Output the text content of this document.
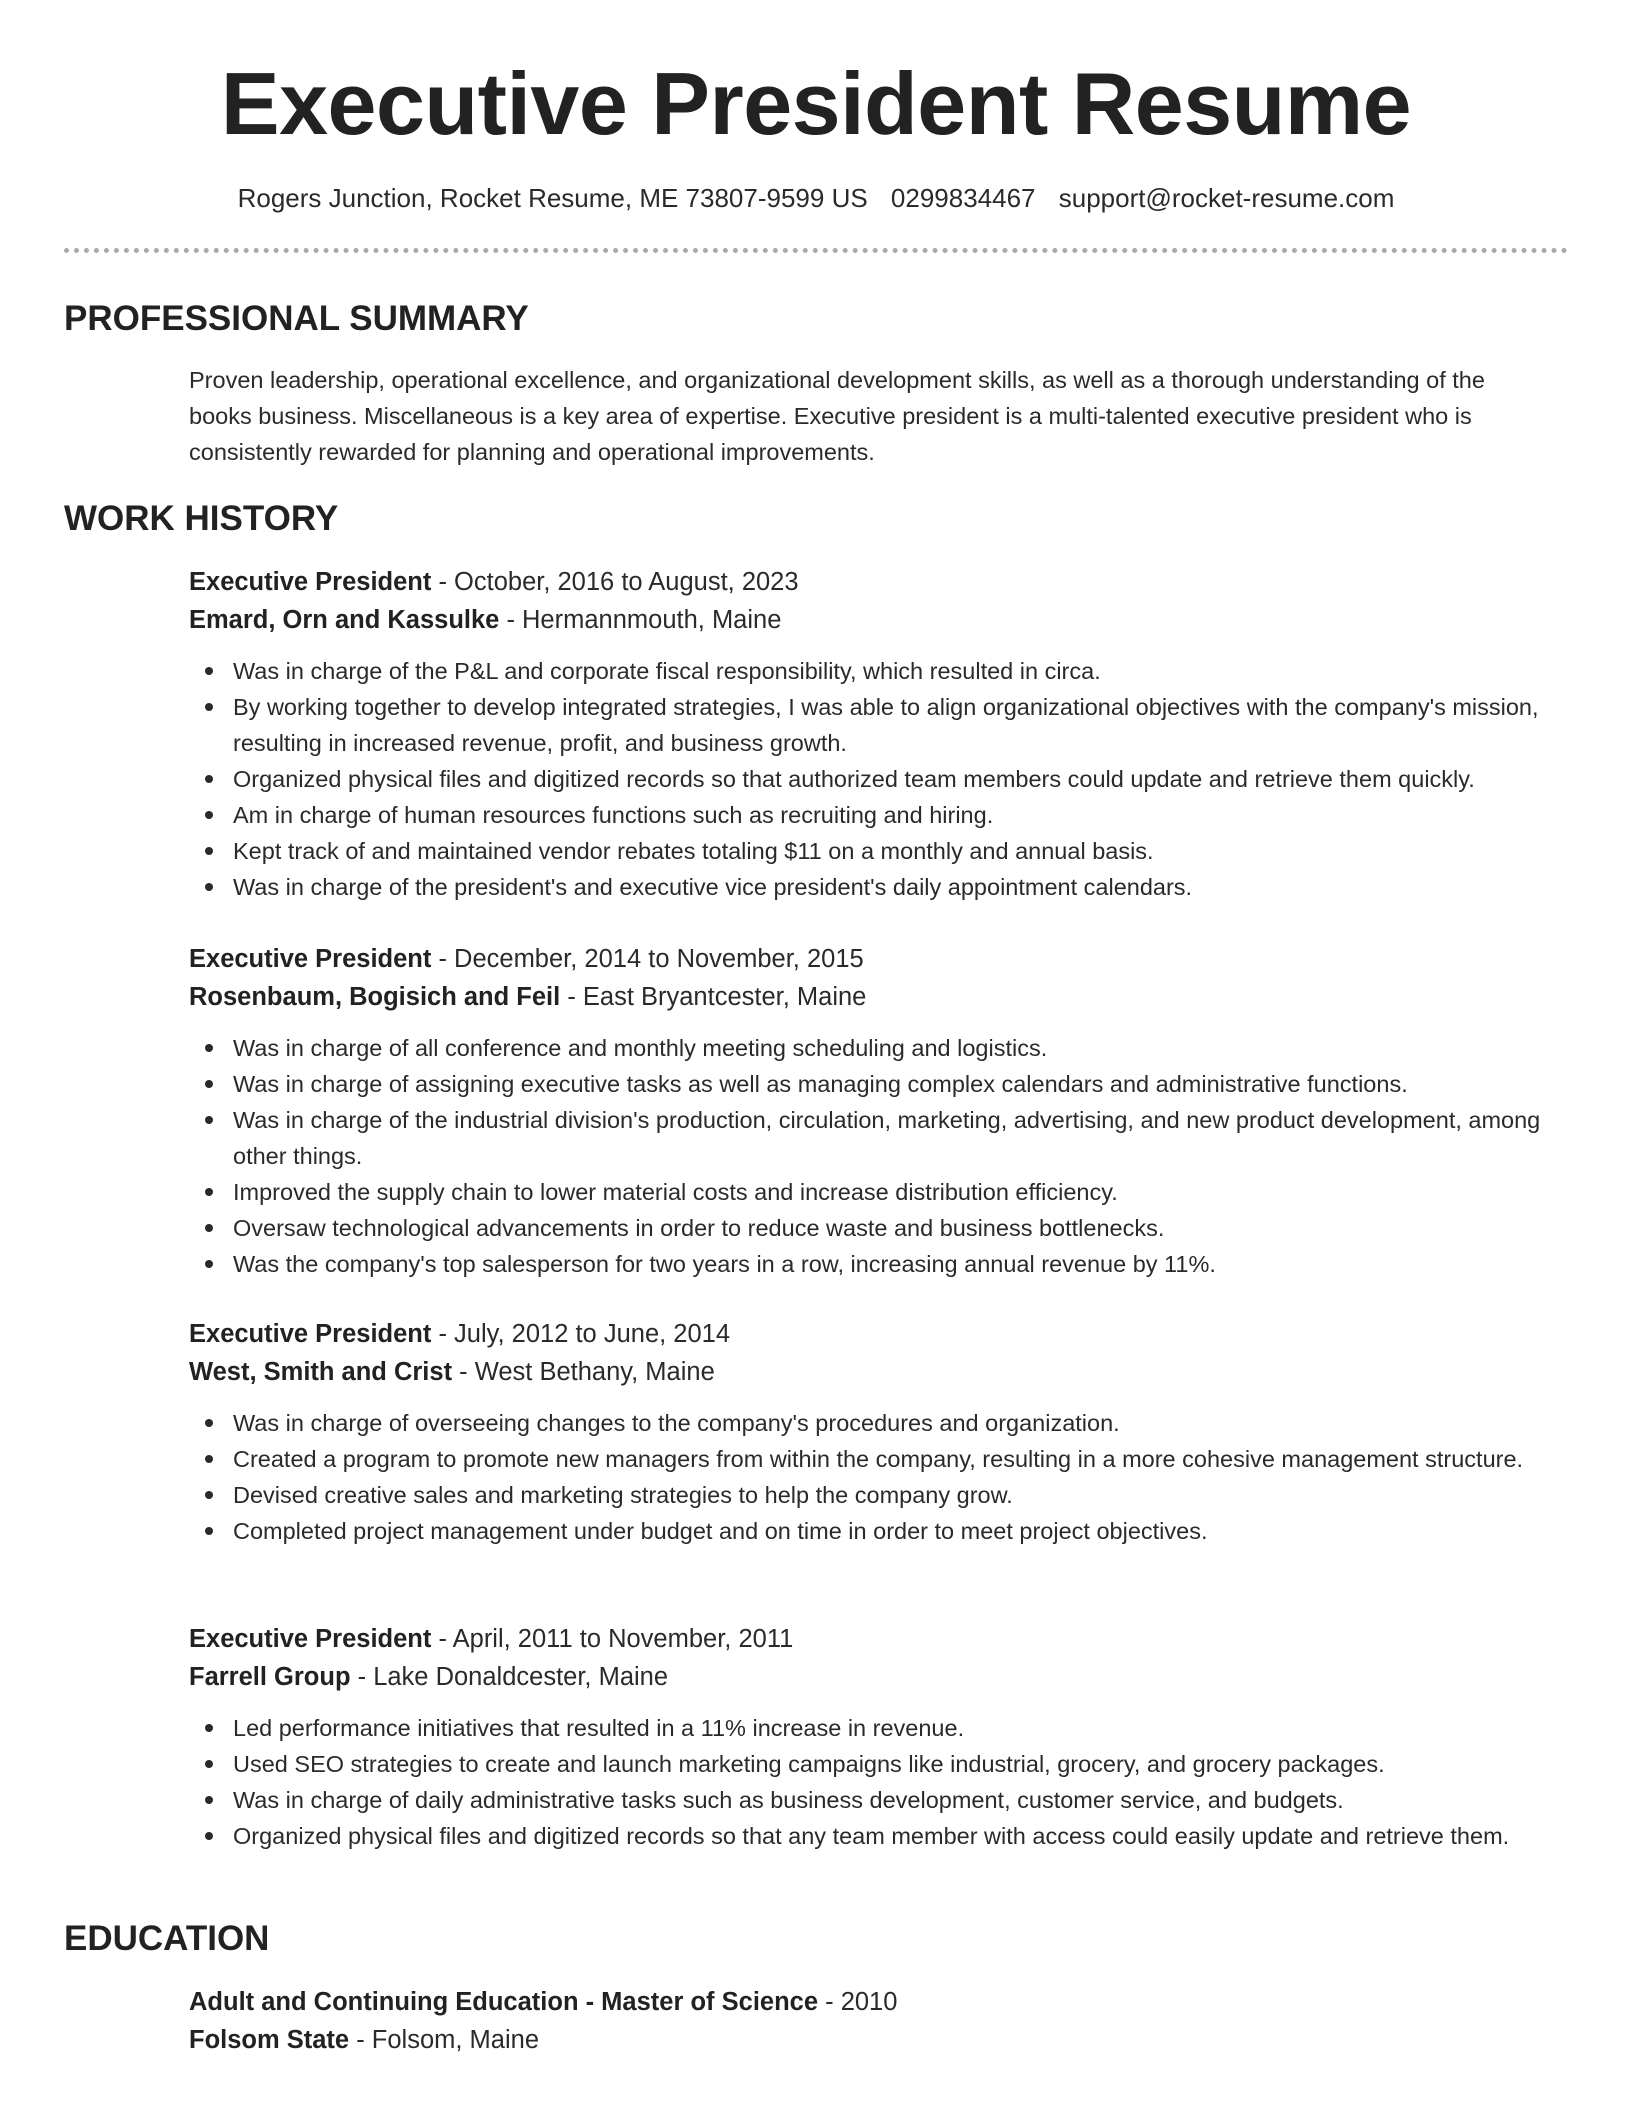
Executive President Resume
Rogers Junction, Rocket Resume, ME 73807-9599 US 0299834467 support@rocket-resume.com
PROFESSIONAL SUMMARY
Proven leadership, operational excellence, and organizational development skills, as well as a thorough understanding of the
books business. Miscellaneous is a key area of expertise. Executive president is a multi-talented executive president who is
consistently rewarded for planning and operational improvements.
WORK HISTORY
Executive President - October, 2016 to August, 2023
Emard, Orn and Kassulke - Hermannmouth, Maine
Was in charge of the P&L and corporate fiscal responsibility, which resulted in circa.
By working together to develop integrated strategies, I was able to align organizational objectives with the company's mission, resulting in increased revenue, profit, and business growth.
Organized physical files and digitized records so that authorized team members could update and retrieve them quickly.
Am in charge of human resources functions such as recruiting and hiring.
Kept track of and maintained vendor rebates totaling $11 on a monthly and annual basis.
Was in charge of the president's and executive vice president's daily appointment calendars.
Executive President - December, 2014 to November, 2015
Rosenbaum, Bogisich and Feil - East Bryantcester, Maine
Was in charge of all conference and monthly meeting scheduling and logistics.
Was in charge of assigning executive tasks as well as managing complex calendars and administrative functions.
Was in charge of the industrial division's production, circulation, marketing, advertising, and new product development, among other things.
Improved the supply chain to lower material costs and increase distribution efficiency.
Oversaw technological advancements in order to reduce waste and business bottlenecks.
Was the company's top salesperson for two years in a row, increasing annual revenue by 11%.
Executive President - July, 2012 to June, 2014
West, Smith and Crist - West Bethany, Maine
Was in charge of overseeing changes to the company's procedures and organization.
Created a program to promote new managers from within the company, resulting in a more cohesive management structure.
Devised creative sales and marketing strategies to help the company grow.
Completed project management under budget and on time in order to meet project objectives.
Executive President - April, 2011 to November, 2011
Farrell Group - Lake Donaldcester, Maine
Led performance initiatives that resulted in a 11% increase in revenue.
Used SEO strategies to create and launch marketing campaigns like industrial, grocery, and grocery packages.
Was in charge of daily administrative tasks such as business development, customer service, and budgets.
Organized physical files and digitized records so that any team member with access could easily update and retrieve them.
EDUCATION
Adult and Continuing Education - Master of Science - 2010
Folsom State - Folsom, Maine
